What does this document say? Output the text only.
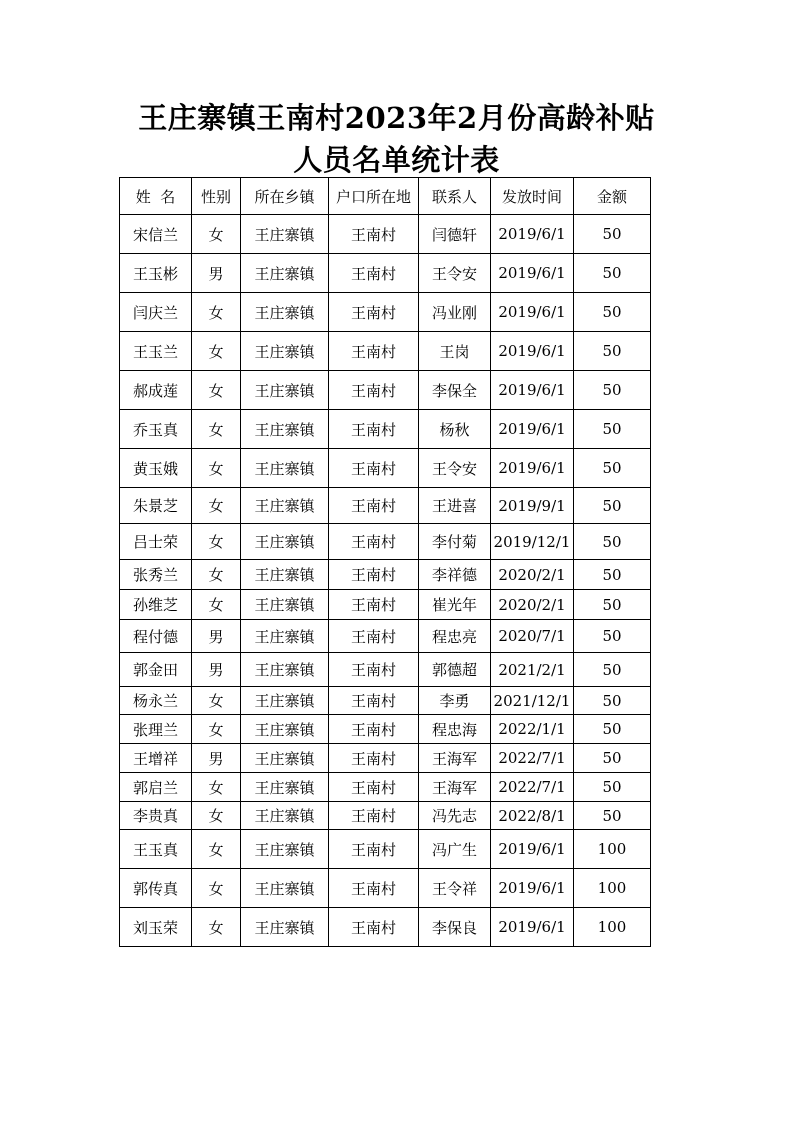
王庄寨镇王南村2023年2月份高龄补贴
人员名单统计表
姓  名	性别	所在乡镇	户口所在地	联系人	发放时间	金额
宋信兰	女	王庄寨镇	王南村	闫德轩	2019/6/1	50
王玉彬	男	王庄寨镇	王南村	王令安	2019/6/1	50
闫庆兰	女	王庄寨镇	王南村	冯业刚	2019/6/1	50
王玉兰	女	王庄寨镇	王南村	王岗	2019/6/1	50
郝成莲	女	王庄寨镇	王南村	李保全	2019/6/1	50
乔玉真	女	王庄寨镇	王南村	杨秋	2019/6/1	50
黄玉娥	女	王庄寨镇	王南村	王令安	2019/6/1	50
朱景芝	女	王庄寨镇	王南村	王进喜	2019/9/1	50
吕士荣	女	王庄寨镇	王南村	李付菊	2019/12/1	50
张秀兰	女	王庄寨镇	王南村	李祥德	2020/2/1	50
孙维芝	女	王庄寨镇	王南村	崔光年	2020/2/1	50
程付德	男	王庄寨镇	王南村	程忠亮	2020/7/1	50
郭金田	男	王庄寨镇	王南村	郭德超	2021/2/1	50
杨永兰	女	王庄寨镇	王南村	李勇	2021/12/1	50
张理兰	女	王庄寨镇	王南村	程忠海	2022/1/1	50
王增祥	男	王庄寨镇	王南村	王海军	2022/7/1	50
郭启兰	女	王庄寨镇	王南村	王海军	2022/7/1	50
李贵真	女	王庄寨镇	王南村	冯先志	2022/8/1	50
王玉真	女	王庄寨镇	王南村	冯广生	2019/6/1	100
郭传真	女	王庄寨镇	王南村	王令祥	2019/6/1	100
刘玉荣	女	王庄寨镇	王南村	李保良	2019/6/1	100
